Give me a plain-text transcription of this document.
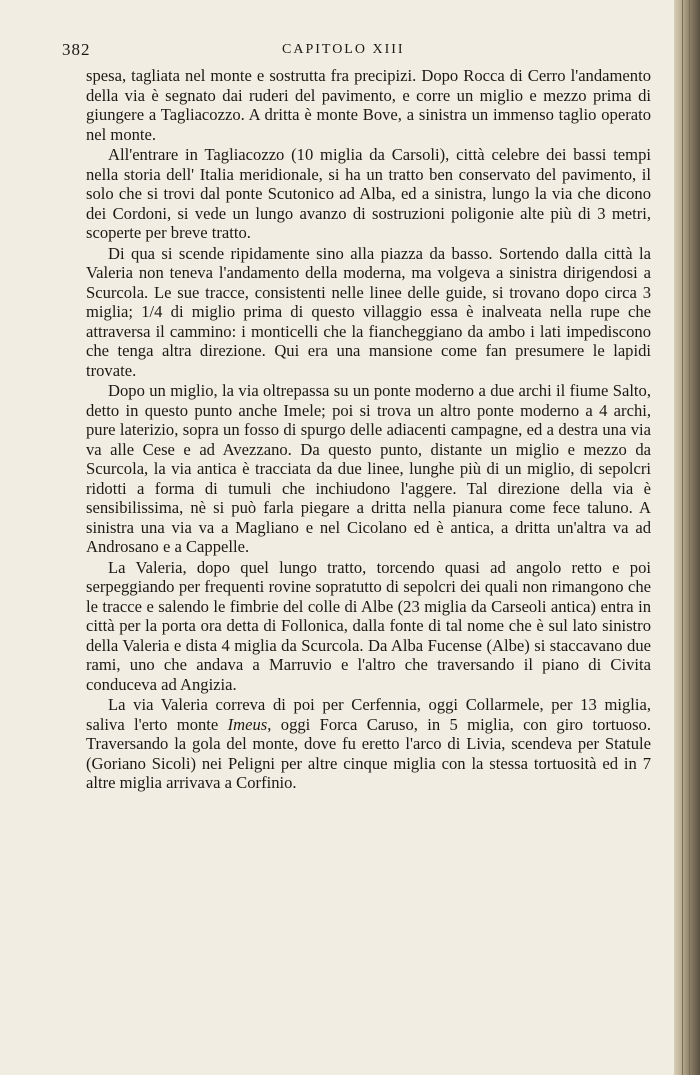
382	CAPITOLO XIII

spesa, tagliata nel monte e sostrutta fra precipizi. Dopo Rocca di Cerro l'andamento della via è segnato dai ruderi del pavimento, e corre un miglio e mezzo prima di giungere a Tagliacozzo. A dritta è monte Bove, a sinistra un immenso taglio operato nel monte.

All'entrare in Tagliacozzo (10 miglia da Carsoli), città celebre dei bassi tempi nella storia dell' Italia meridionale, si ha un tratto ben conservato del pavimento, il solo che si trovi dal ponte Scutonico ad Alba, ed a sinistra, lungo la via che dicono dei Cordoni, si vede un lungo avanzo di sostruzioni poligonie alte più di 3 metri, scoperte per breve tratto.

Di qua si scende ripidamente sino alla piazza da basso. Sortendo dalla città la Valeria non teneva l'andamento della moderna, ma volgeva a sinistra dirigendosi a Scurcola. Le sue tracce, consistenti nelle linee delle guide, si trovano dopo circa 3 miglia; 1/4 di miglio prima di questo villaggio essa è inalveata nella rupe che attraversa il cammino: i monticelli che la fiancheggiano da ambo i lati impediscono che tenga altra direzione. Qui era una mansione come fan presumere le lapidi trovate.

Dopo un miglio, la via oltrepassa su un ponte moderno a due archi il fiume Salto, detto in questo punto anche Imele; poi si trova un altro ponte moderno a 4 archi, pure laterizio, sopra un fosso di spurgo delle adiacenti campagne, ed a destra una via va alle Cese e ad Avezzano. Da questo punto, distante un miglio e mezzo da Scurcola, la via antica è tracciata da due linee, lunghe più di un miglio, di sepolcri ridotti a forma di tumuli che inchiudono l'aggere. Tal direzione della via è sensibilissima, nè si può farla piegare a dritta nella pianura come fece taluno. A sinistra una via va a Magliano e nel Cicolano ed è antica, a dritta un'altra va ad Androsano e a Cappelle.

La Valeria, dopo quel lungo tratto, torcendo quasi ad angolo retto e poi serpeggiando per frequenti rovine sopratutto di sepolcri dei quali non rimangono che le tracce e salendo le fimbrie del colle di Albe (23 miglia da Carseoli antica) entra in città per la porta ora detta di Follonica, dalla fonte di tal nome che è sul lato sinistro della Valeria e dista 4 miglia da Scurcola. Da Alba Fucense (Albe) si staccavano due rami, uno che andava a Marruvio e l'altro che traversando il piano di Civita conduceva ad Angizia.

La via Valeria correva di poi per Cerfennia, oggi Collarmele, per 13 miglia, saliva l'erto monte Imeus, oggi Forca Caruso, in 5 miglia, con giro tortuoso. Traversando la gola del monte, dove fu eretto l'arco di Livia, scendeva per Statule (Goriano Sicoli) nei Peligni per altre cinque miglia con la stessa tortuosità ed in 7 altre miglia arrivava a Corfinio.
